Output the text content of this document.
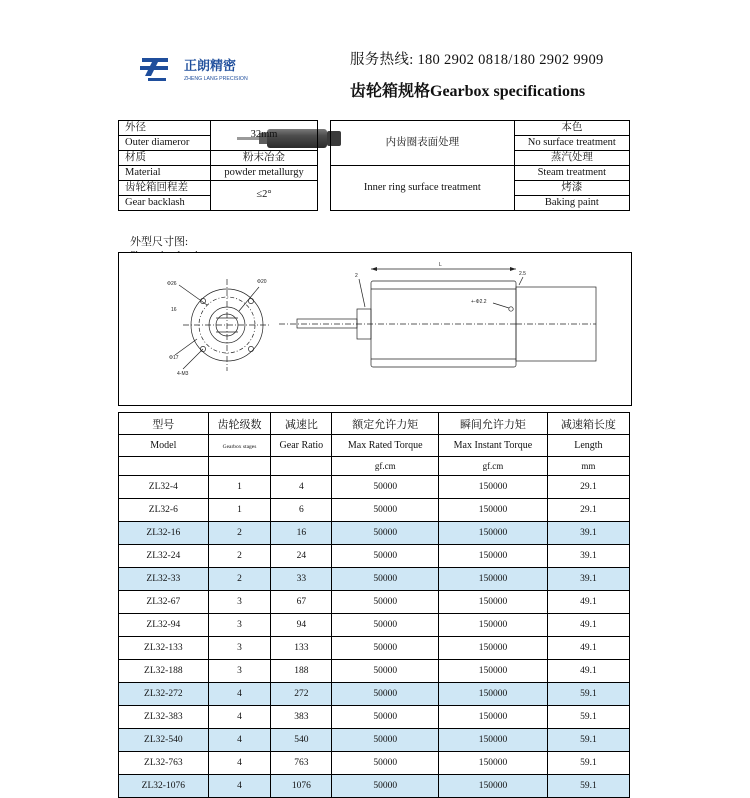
正朗精密
ZHENG LANG PRECISION
服务热线: 180 2902 0818/180 2902 9909
齿轮箱规格Gearbox specifications
外径	32mm
Outer diameror	
材质	粉末冶金
Material	powder metallurgy
齿轮箱回程差	≤2°
Gear backlash	
内齿圈表面处理	本色
	No surface treatment
	蒸汽处理
Inner ring surface treatment	Steam treatment
	烤漆
	Baking paint
外型尺寸图:
Φ26	Φ20
16
Φ17
4-M3
L
2	2.5
+-Φ2.2
型号	齿轮级数	减速比	额定允许力矩	瞬间允许力矩	减速箱长度
Model	Gearbox stages	Gear Ratio	Max Rated Torque	Max Instant Torque	Length
			gf.cm	gf.cm	mm
ZL32-4	1	4	50000	150000	29.1
ZL32-6	1	6	50000	150000	29.1
ZL32-16	2	16	50000	150000	39.1
ZL32-24	2	24	50000	150000	39.1
ZL32-33	2	33	50000	150000	39.1
ZL32-67	3	67	50000	150000	49.1
ZL32-94	3	94	50000	150000	49.1
ZL32-133	3	133	50000	150000	49.1
ZL32-188	3	188	50000	150000	49.1
ZL32-272	4	272	50000	150000	59.1
ZL32-383	4	383	50000	150000	59.1
ZL32-540	4	540	50000	150000	59.1
ZL32-763	4	763	50000	150000	59.1
ZL32-1076	4	1076	50000	150000	59.1
